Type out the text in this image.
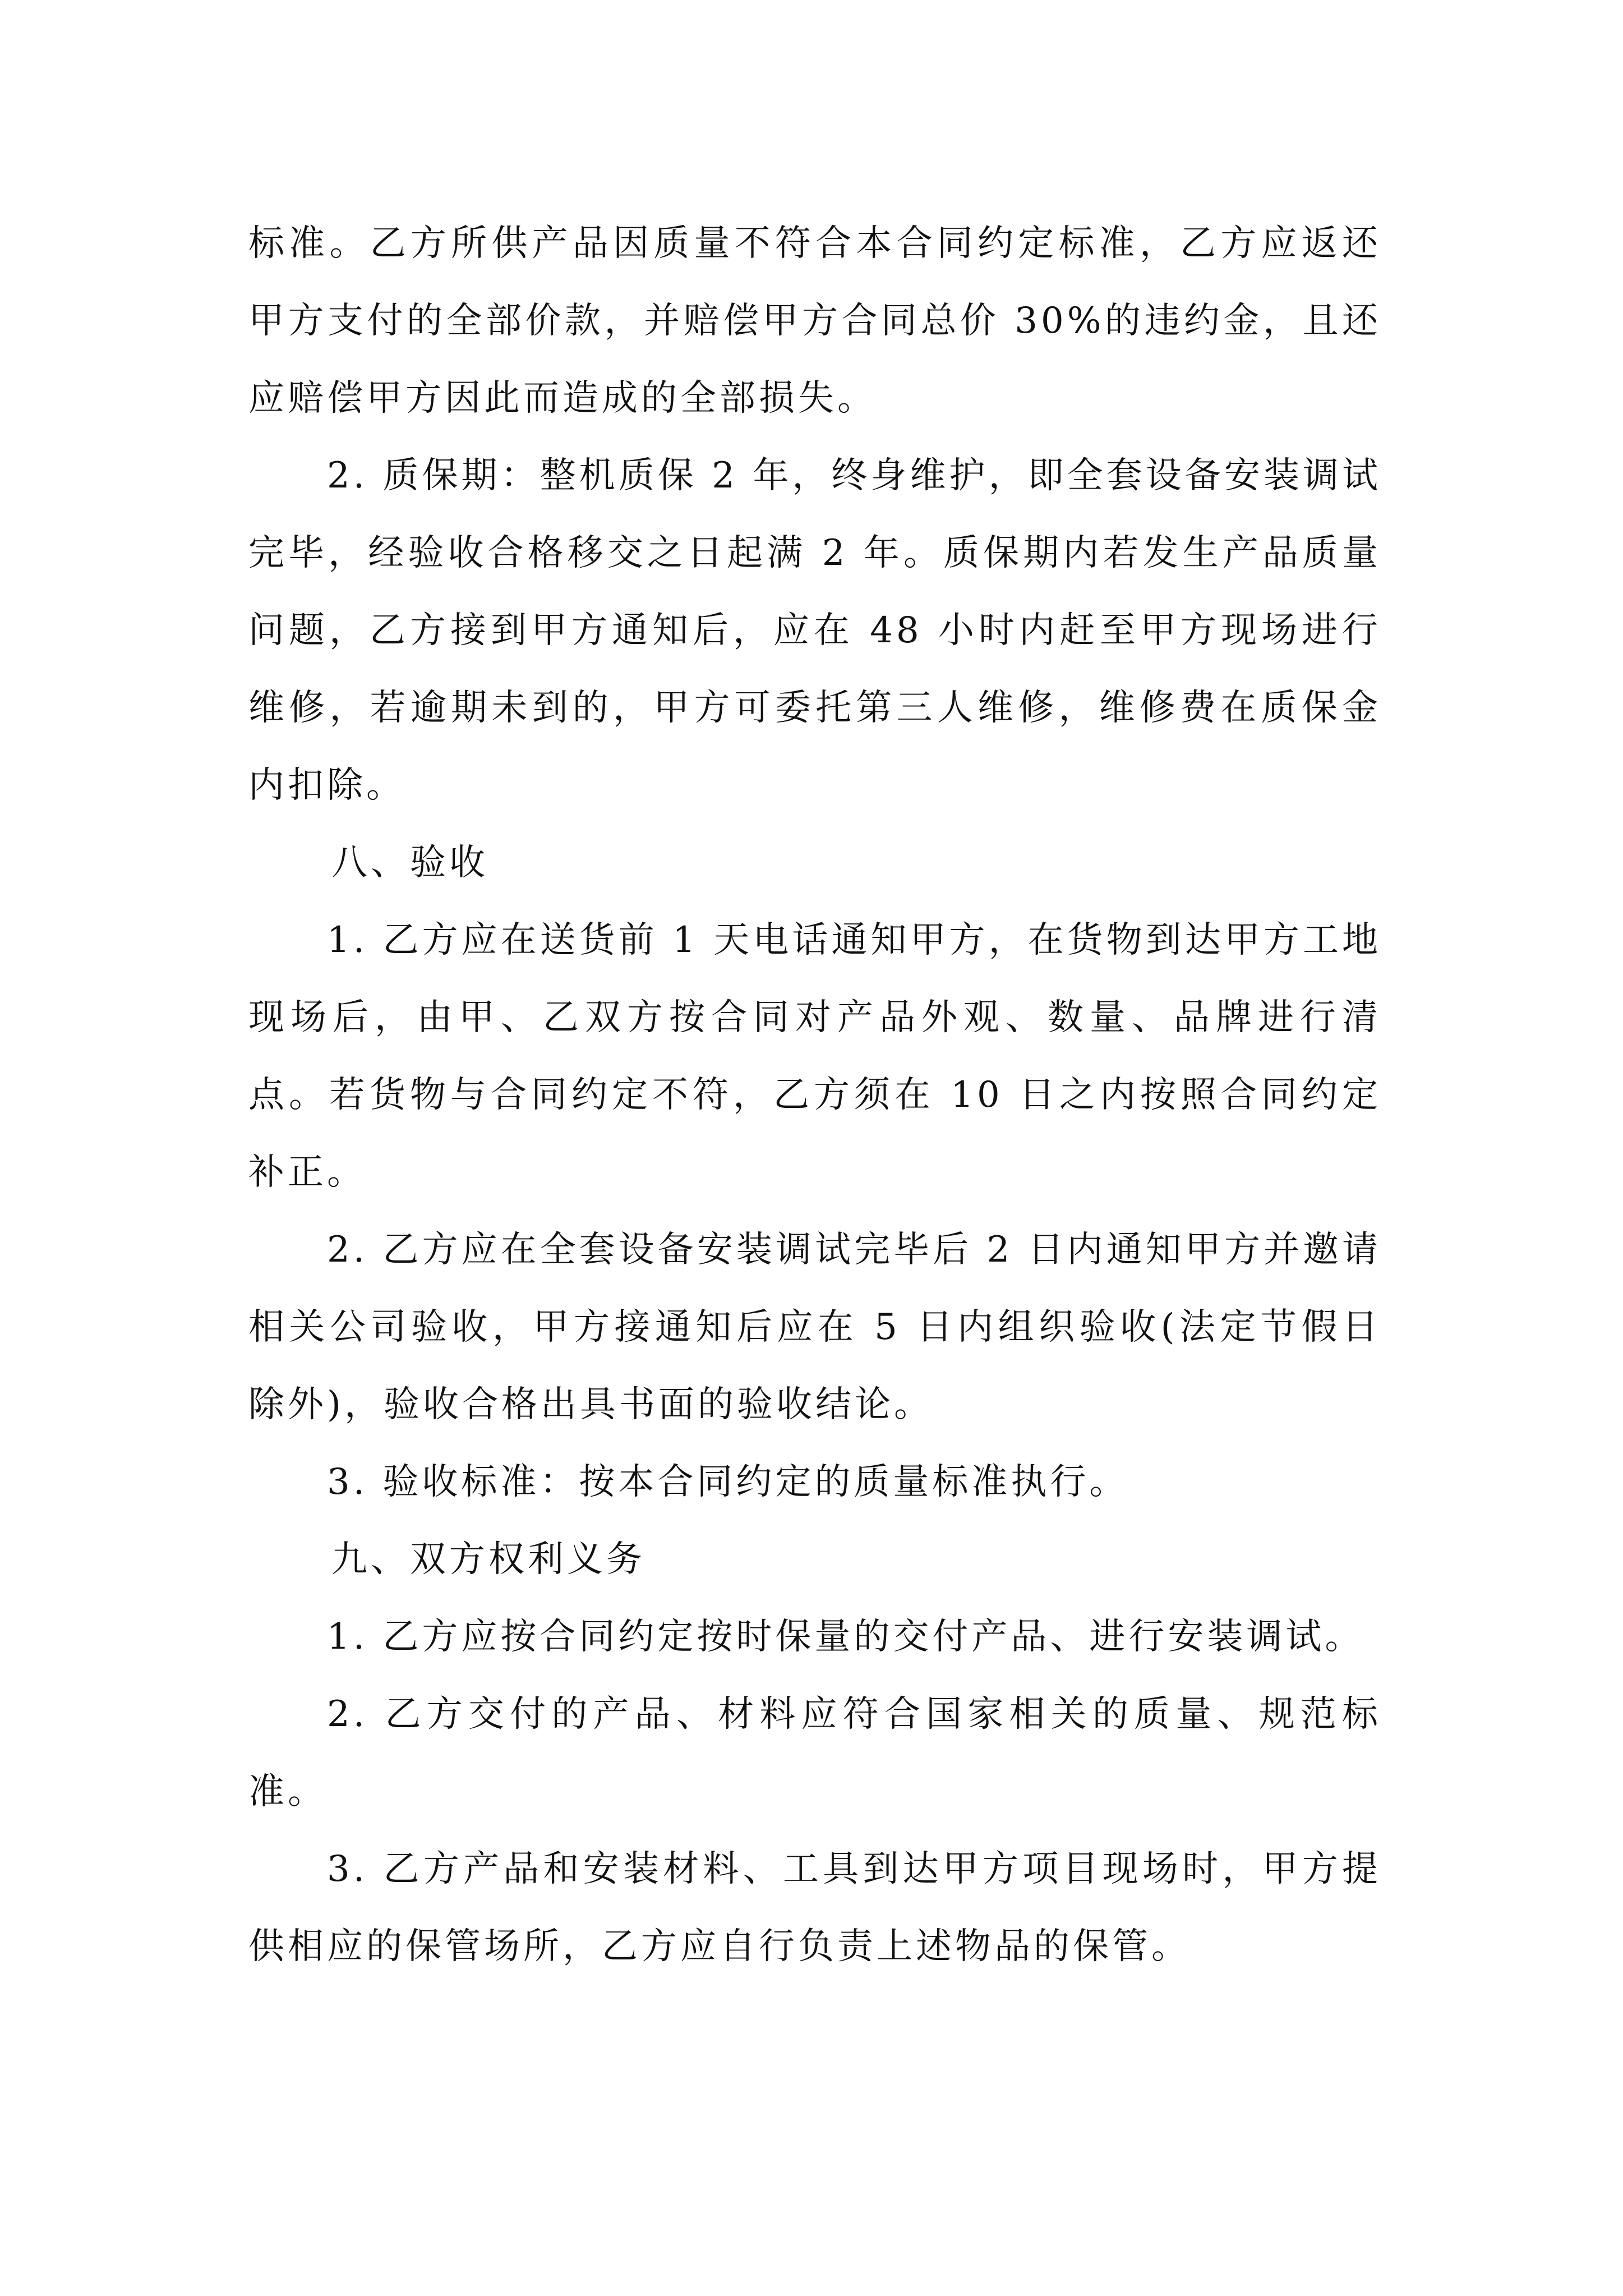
标准。乙方所供产品因质量不符合本合同约定标准，乙方应返还甲方支付的全部价款，并赔偿甲方合同总价 30%的违约金，且还应赔偿甲方因此而造成的全部损失。

2. 质保期：整机质保 2 年，终身维护，即全套设备安装调试完毕，经验收合格移交之日起满 2 年。质保期内若发生产品质量问题，乙方接到甲方通知后，应在 48 小时内赶至甲方现场进行维修，若逾期未到的，甲方可委托第三人维修，维修费在质保金内扣除。

八、验收

1. 乙方应在送货前 1 天电话通知甲方，在货物到达甲方工地现场后，由甲、乙双方按合同对产品外观、数量、品牌进行清点。若货物与合同约定不符，乙方须在 10 日之内按照合同约定补正。

2. 乙方应在全套设备安装调试完毕后 2 日内通知甲方并邀请相关公司验收，甲方接通知后应在 5 日内组织验收(法定节假日除外)，验收合格出具书面的验收结论。

3. 验收标准：按本合同约定的质量标准执行。

九、双方权利义务

1. 乙方应按合同约定按时保量的交付产品、进行安装调试。

2. 乙方交付的产品、材料应符合国家相关的质量、规范标准。

3. 乙方产品和安装材料、工具到达甲方项目现场时，甲方提供相应的保管场所，乙方应自行负责上述物品的保管。
